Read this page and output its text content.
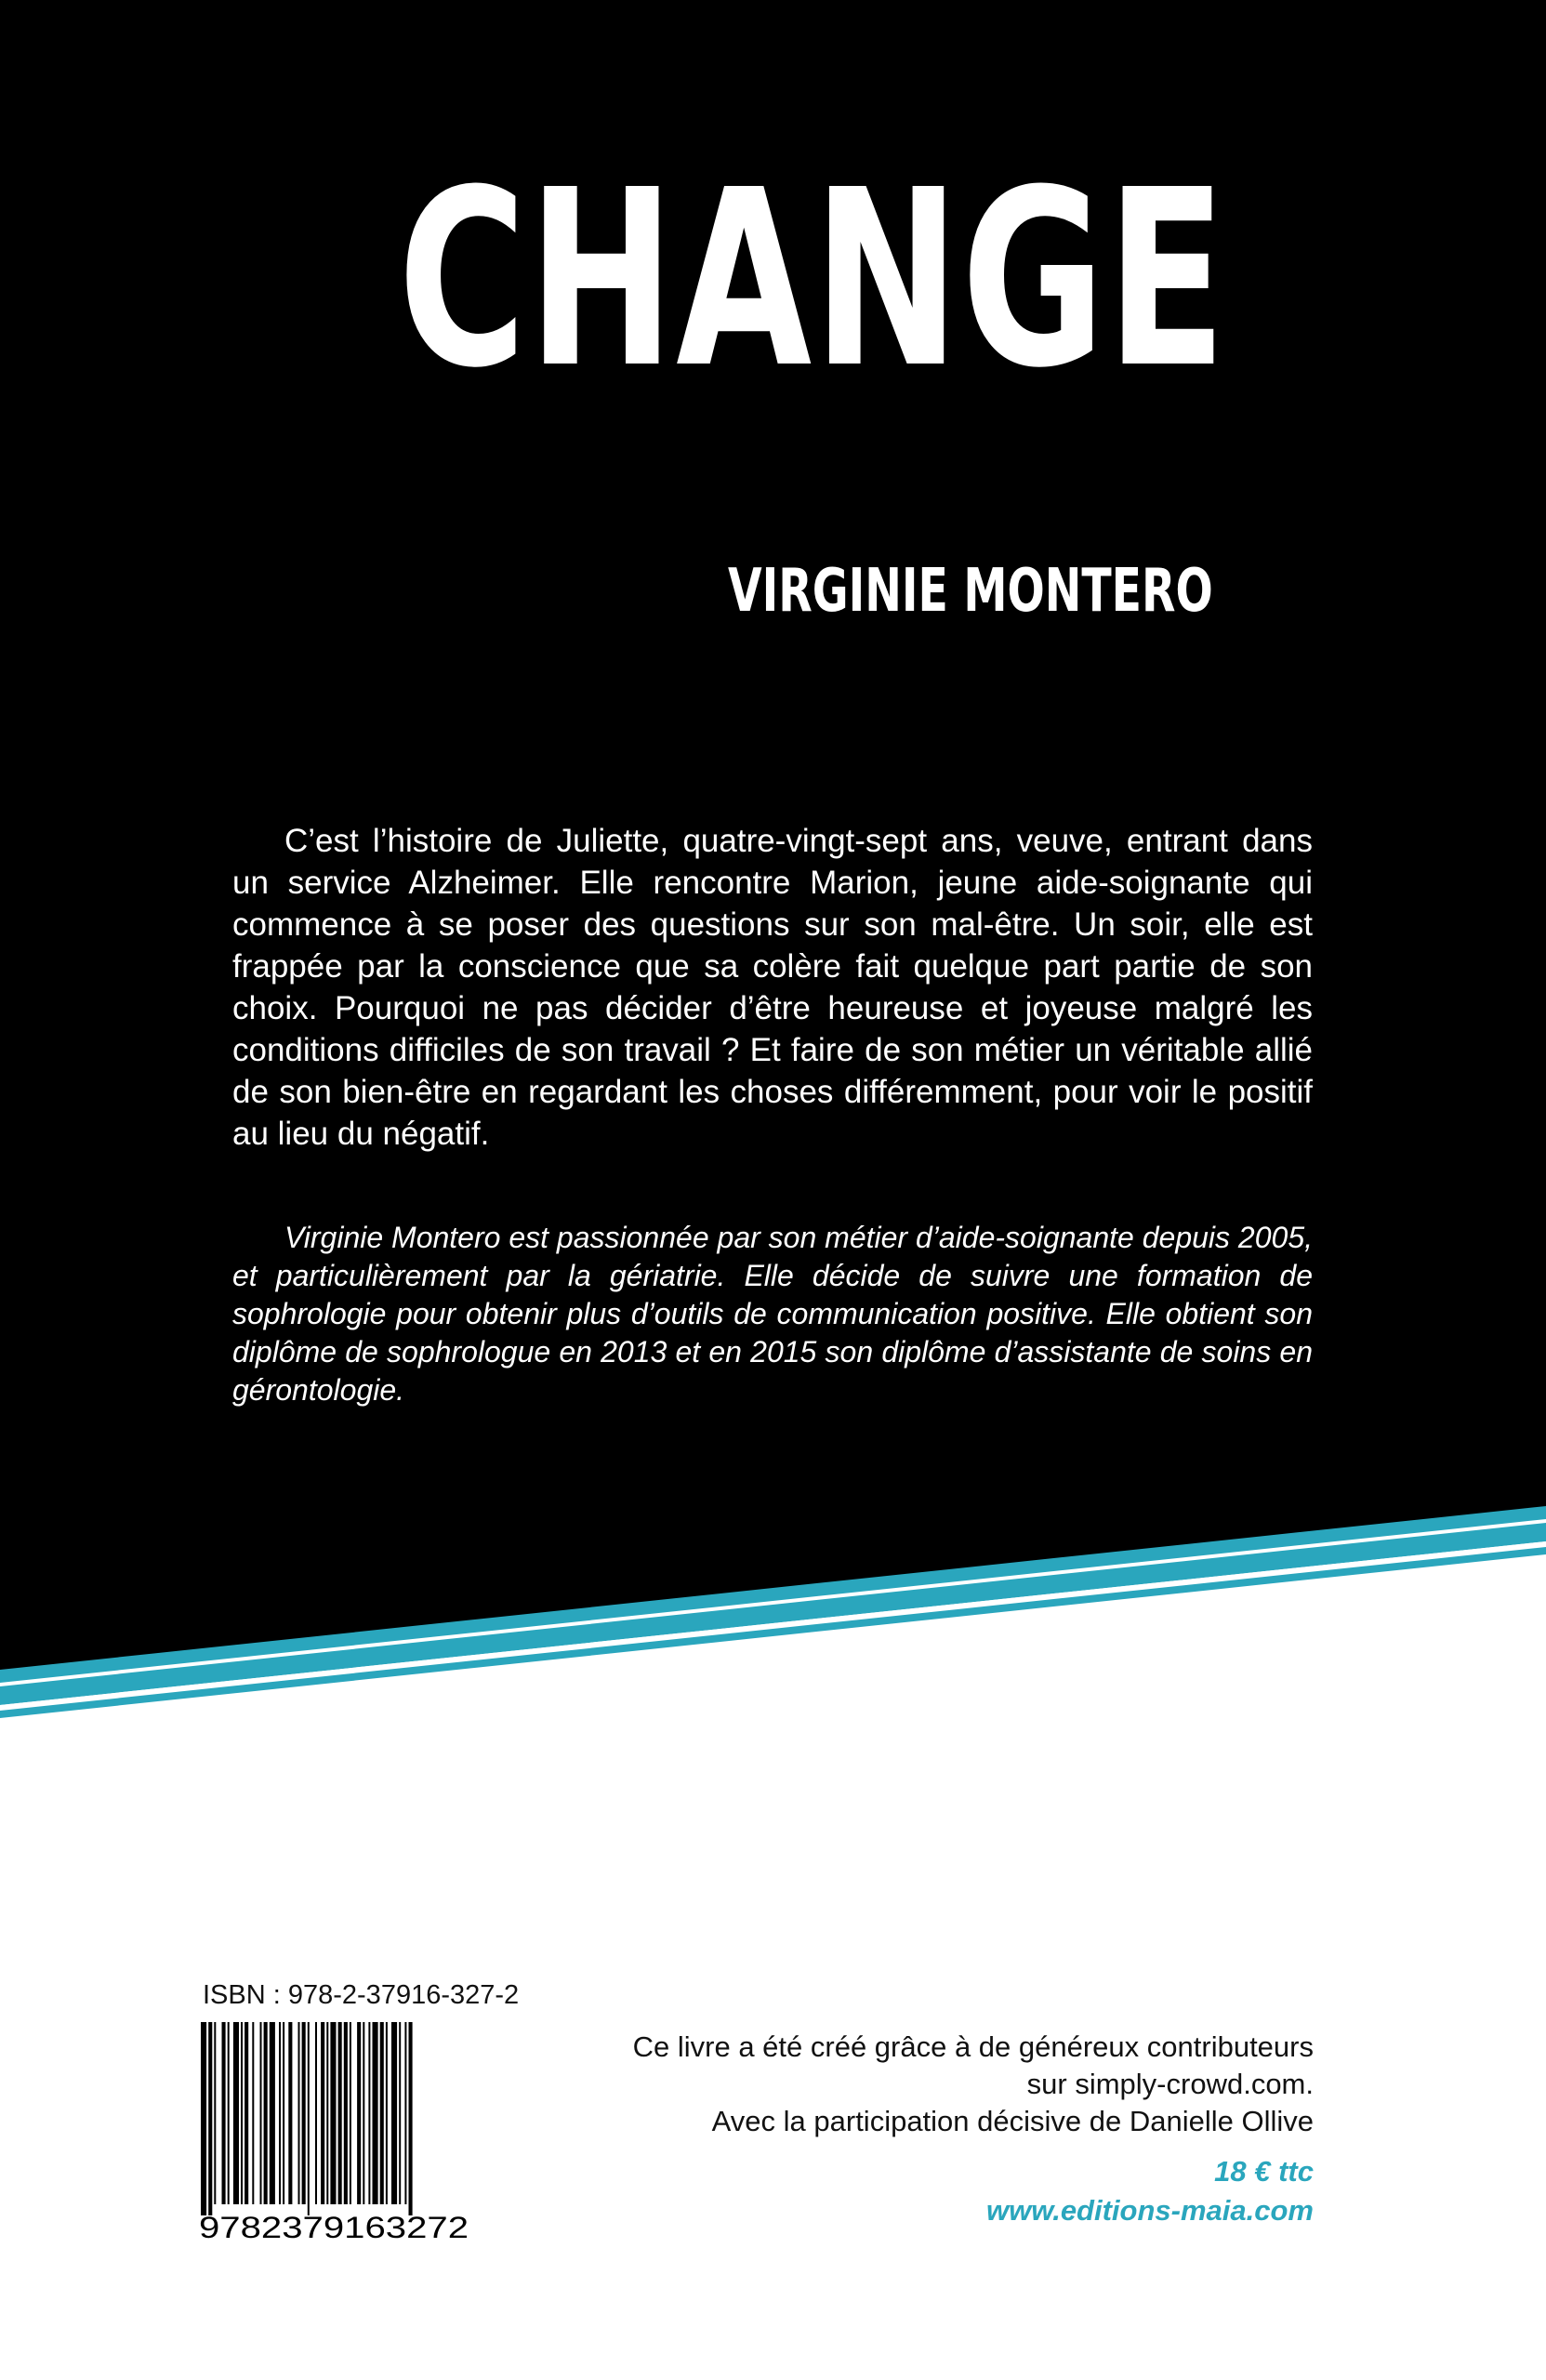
CHANGE
VIRGINIE MONTERO

C’est l’histoire de Juliette, quatre-vingt-sept ans, veuve, entrant dans un service Alzheimer. Elle rencontre Marion, jeune aide-soignante qui commence à se poser des questions sur son mal-être. Un soir, elle est frappée par la conscience que sa colère fait quelque part partie de son choix. Pourquoi ne pas décider d’être heureuse et joyeuse malgré les conditions difficiles de son travail ? Et faire de son métier un véritable allié de son bien-être en regardant les choses différemment, pour voir le positif au lieu du négatif.

Virginie Montero est passionnée par son métier d’aide-soignante depuis 2005, et particulièrement par la gériatrie. Elle décide de suivre une formation de sophrologie pour obtenir plus d’outils de communication positive. Elle obtient son diplôme de sophrologue en 2013 et en 2015 son diplôme d’assistante de soins en gérontologie.

ISBN : 978-2-37916-327-2
9782379163272
Ce livre a été créé grâce à de généreux contributeurs
sur simply-crowd.com.
Avec la participation décisive de Danielle Ollive
18 € ttc
www.editions-maia.com
